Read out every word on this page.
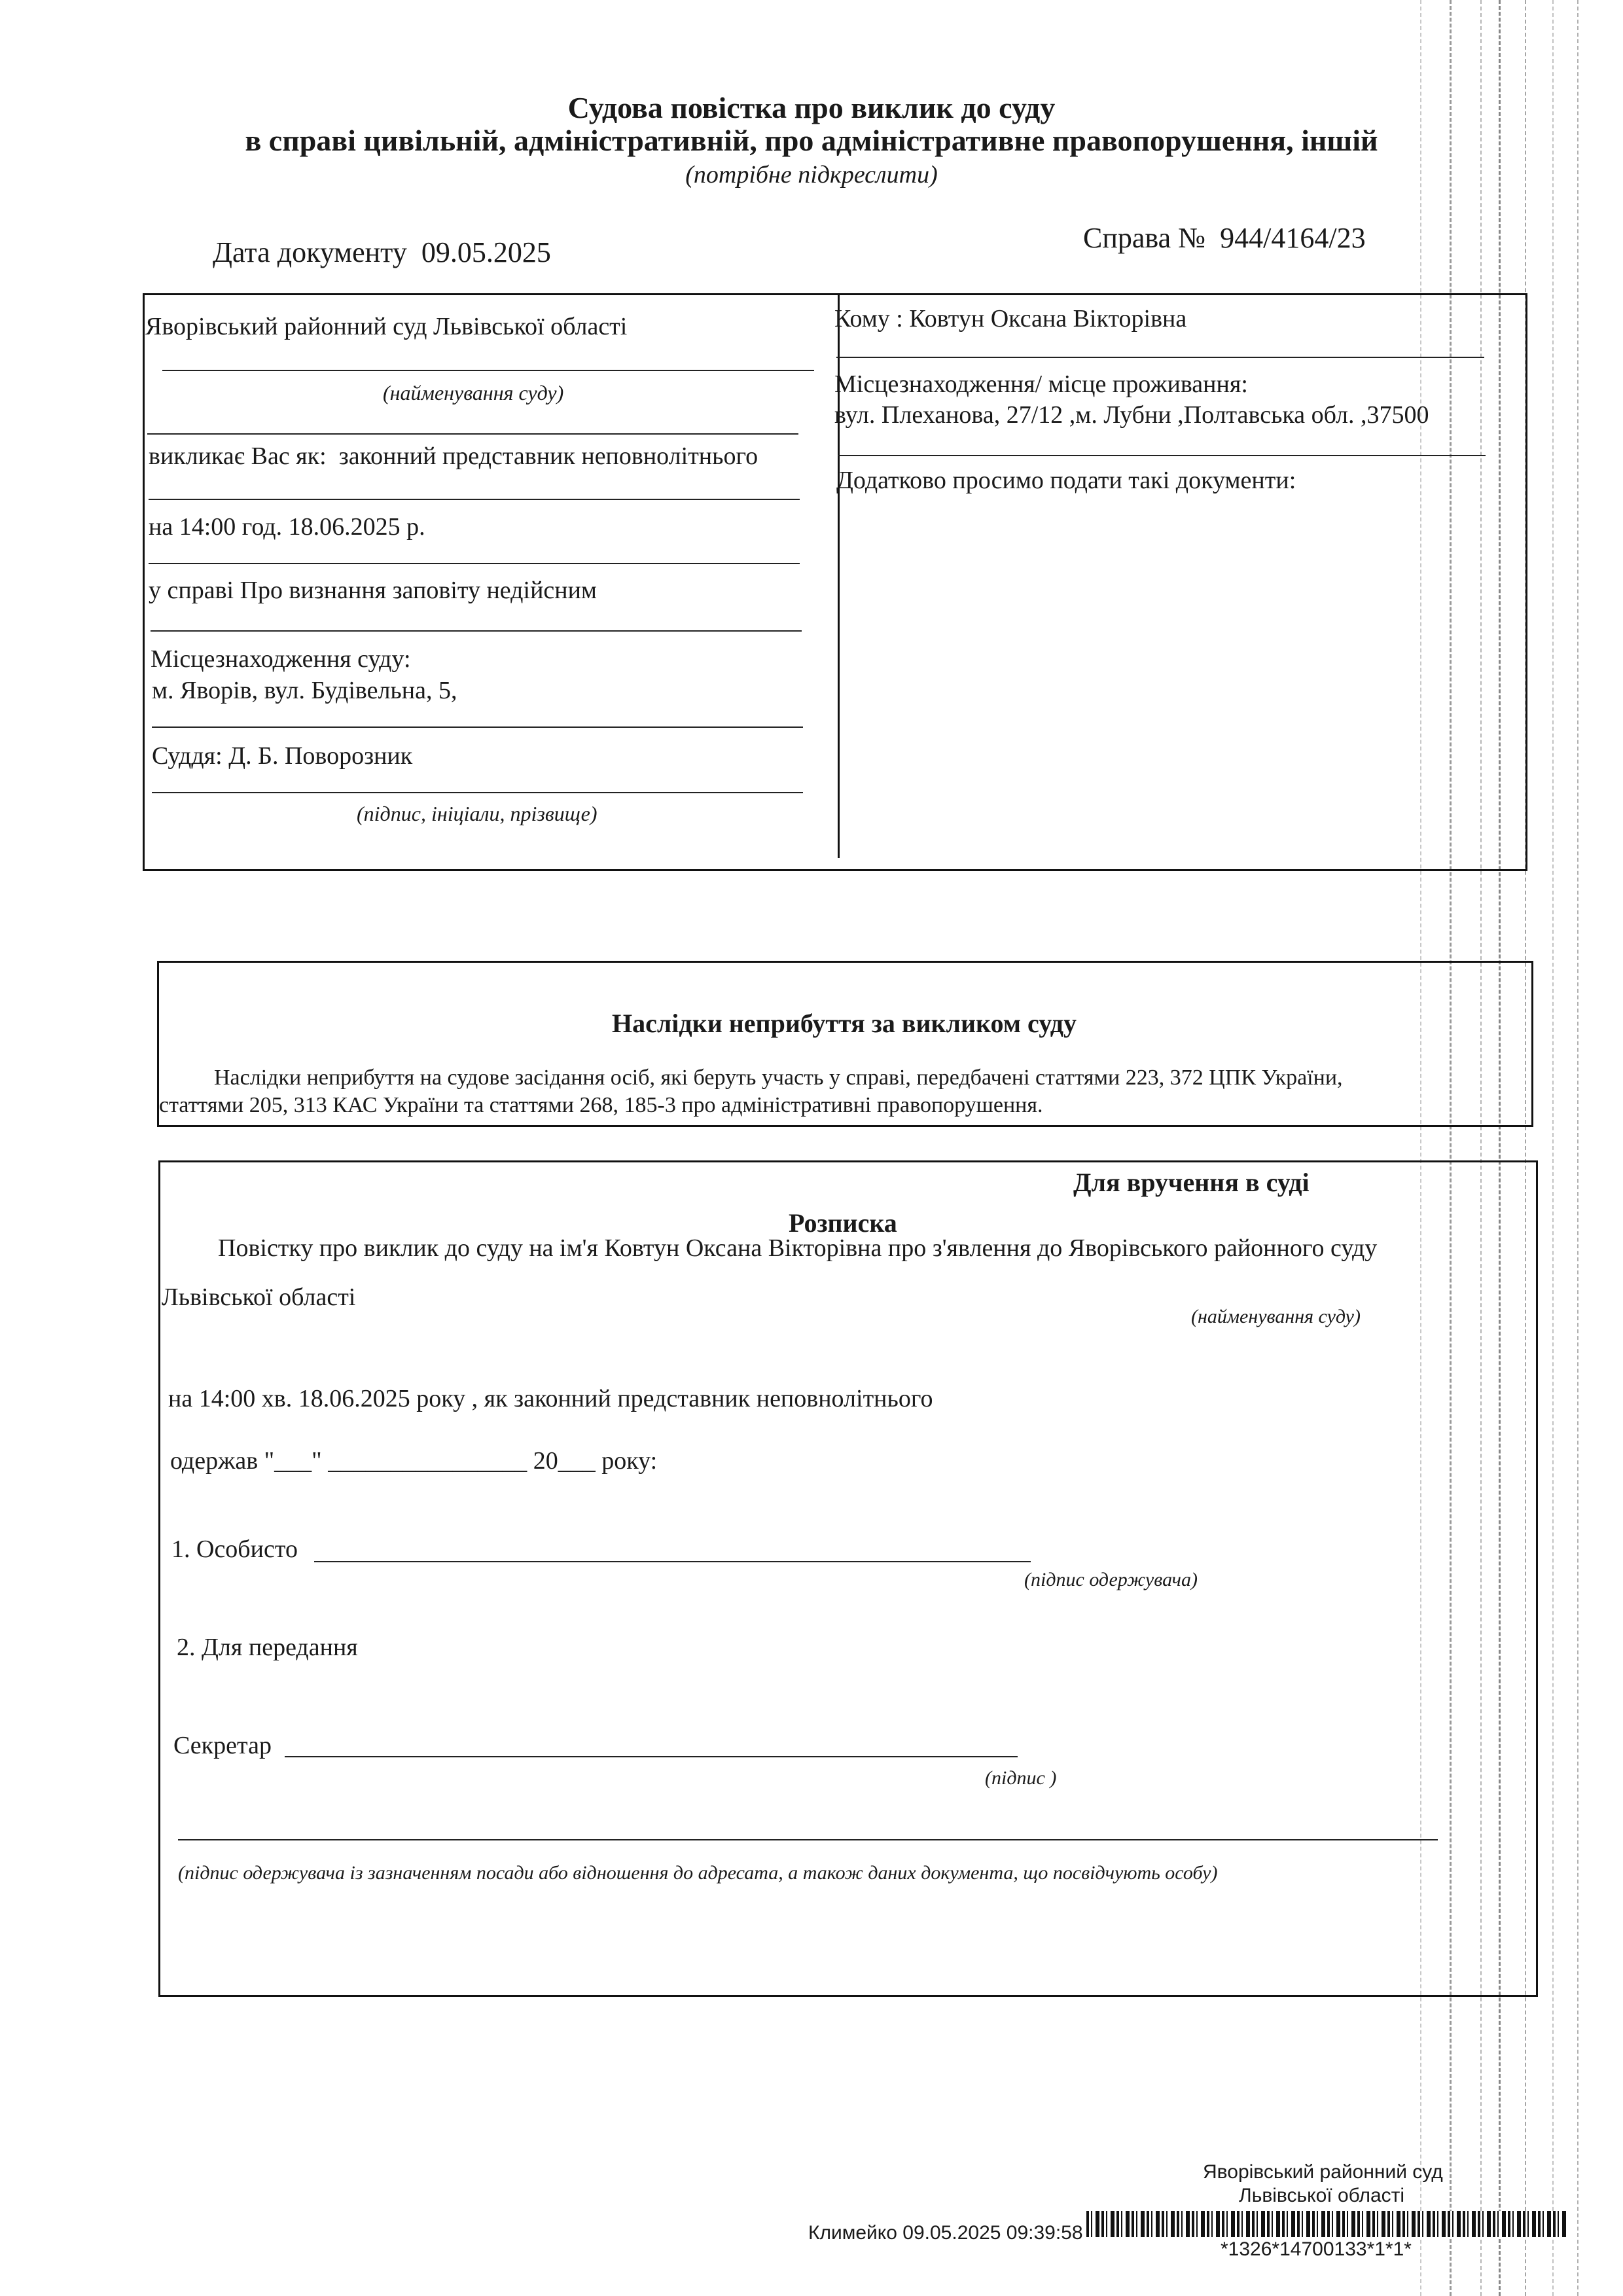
Судова повістка про виклик до суду
в справі цивільній, адміністративній, про адміністративне правопорушення, іншій
(потрібне підкреслити)
Дата документу 09.05.2025	Справа № 944/4164/23
Яворівський районний суд Львівської області
(найменування суду)
викликає Вас як: законний представник неповнолітнього
на 14:00 год. 18.06.2025 р.
у справі Про визнання заповіту недійсним
Місцезнаходження суду:
м. Яворів, вул. Будівельна, 5,
Суддя: Д. Б. Поворозник
(підпис, ініціали, прізвище)
Кому : Ковтун Оксана Вікторівна
Місцезнаходження/ місце проживання:
вул. Плеханова, 27/12 ,м. Лубни ,Полтавська обл. ,37500
Додатково просимо подати такі документи:
Наслідки неприбуття за викликом суду
Наслідки неприбуття на судове засідання осіб, які беруть участь у справі, передбачені статтями 223, 372 ЦПК України,
статтями 205, 313 КАС України та статтями 268, 185-3 про адміністративні правопорушення.
Для вручення в суді
Розписка
Повістку про виклик до суду на ім'я Ковтун Оксана Вікторівна про з'явлення до Яворівського районного суду
Львівської області
(найменування суду)
на 14:00 хв. 18.06.2025 року , як законний представник неповнолітнього
одержав "___" ________________ 20___ року:
1. Особисто
(підпис одержувача)
2. Для передання
Секретар
(підпис )
(підпис одержувача із зазначенням посади або відношення до адресата, а також даних документа, що посвідчують особу)
Яворівський районний суд
Львівської області
Климейко 09.05.2025 09:39:58
*1326*14700133*1*1*
